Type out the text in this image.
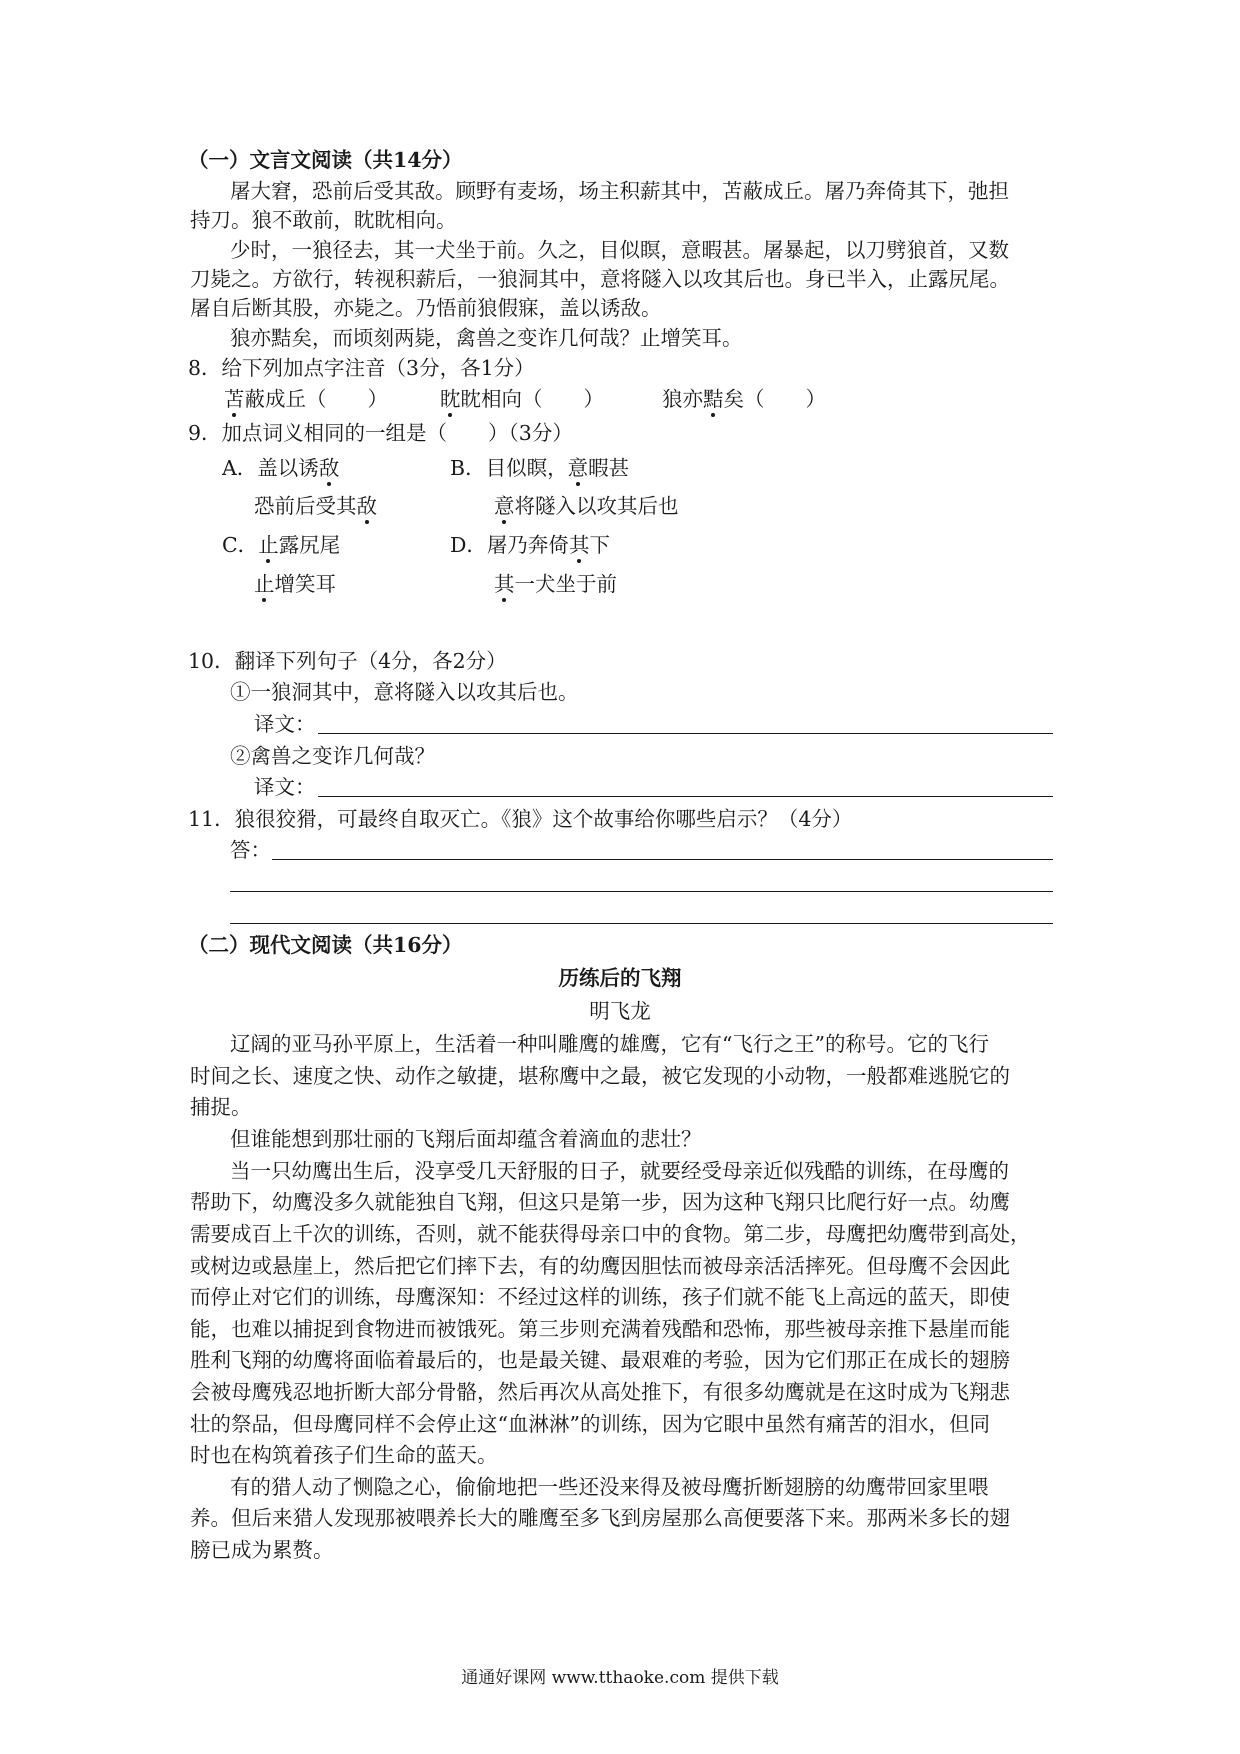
（一）文言文阅读（共14分）
屠大窘，恐前后受其敌。顾野有麦场，场主积薪其中，苫蔽成丘。屠乃奔倚其下，弛担
持刀。狼不敢前，眈眈相向。
少时，一狼径去，其一犬坐于前。久之，目似瞑，意暇甚。屠暴起，以刀劈狼首，又数
刀毙之。方欲行，转视积薪后，一狼洞其中，意将隧入以攻其后也。身已半入，止露尻尾。
屠自后断其股，亦毙之。乃悟前狼假寐，盖以诱敌。
狼亦黠矣，而顷刻两毙，禽兽之变诈几何哉？止增笑耳。
8．给下列加点字注音（3分，各1分）
苫蔽成丘（　　）	眈眈相向（　　）	狼亦黠矣（　　）
9．加点词义相同的一组是（　　）（3分）
A．盖以诱敌	B．目似瞑，意暇甚
恐前后受其敌	意将隧入以攻其后也
C．止露尻尾	D．屠乃奔倚其下
止增笑耳	其一犬坐于前
10．翻译下列句子（4分，各2分）
①一狼洞其中，意将隧入以攻其后也。
译文：
②禽兽之变诈几何哉？
译文：
11．狼很狡猾，可最终自取灭亡。《狼》这个故事给你哪些启示？（4分）
答：
（二）现代文阅读（共16分）
历练后的飞翔
明飞龙
辽阔的亚马孙平原上，生活着一种叫雕鹰的雄鹰，它有“飞行之王”的称号。它的飞行
时间之长、速度之快、动作之敏捷，堪称鹰中之最，被它发现的小动物，一般都难逃脱它的
捕捉。
但谁能想到那壮丽的飞翔后面却蕴含着滴血的悲壮？
当一只幼鹰出生后，没享受几天舒服的日子，就要经受母亲近似残酷的训练，在母鹰的
帮助下，幼鹰没多久就能独自飞翔，但这只是第一步，因为这种飞翔只比爬行好一点。幼鹰
需要成百上千次的训练，否则，就不能获得母亲口中的食物。第二步，母鹰把幼鹰带到高处，
或树边或悬崖上，然后把它们摔下去，有的幼鹰因胆怯而被母亲活活摔死。但母鹰不会因此
而停止对它们的训练，母鹰深知：不经过这样的训练，孩子们就不能飞上高远的蓝天，即使
能，也难以捕捉到食物进而被饿死。第三步则充满着残酷和恐怖，那些被母亲推下悬崖而能
胜利飞翔的幼鹰将面临着最后的，也是最关键、最艰难的考验，因为它们那正在成长的翅膀
会被母鹰残忍地折断大部分骨骼，然后再次从高处推下，有很多幼鹰就是在这时成为飞翔悲
壮的祭品，但母鹰同样不会停止这“血淋淋”的训练，因为它眼中虽然有痛苦的泪水，但同
时也在构筑着孩子们生命的蓝天。
有的猎人动了恻隐之心，偷偷地把一些还没来得及被母鹰折断翅膀的幼鹰带回家里喂
养。但后来猎人发现那被喂养长大的雕鹰至多飞到房屋那么高便要落下来。那两米多长的翅
膀已成为累赘。
通通好课网 www.tthaoke.com 提供下载
